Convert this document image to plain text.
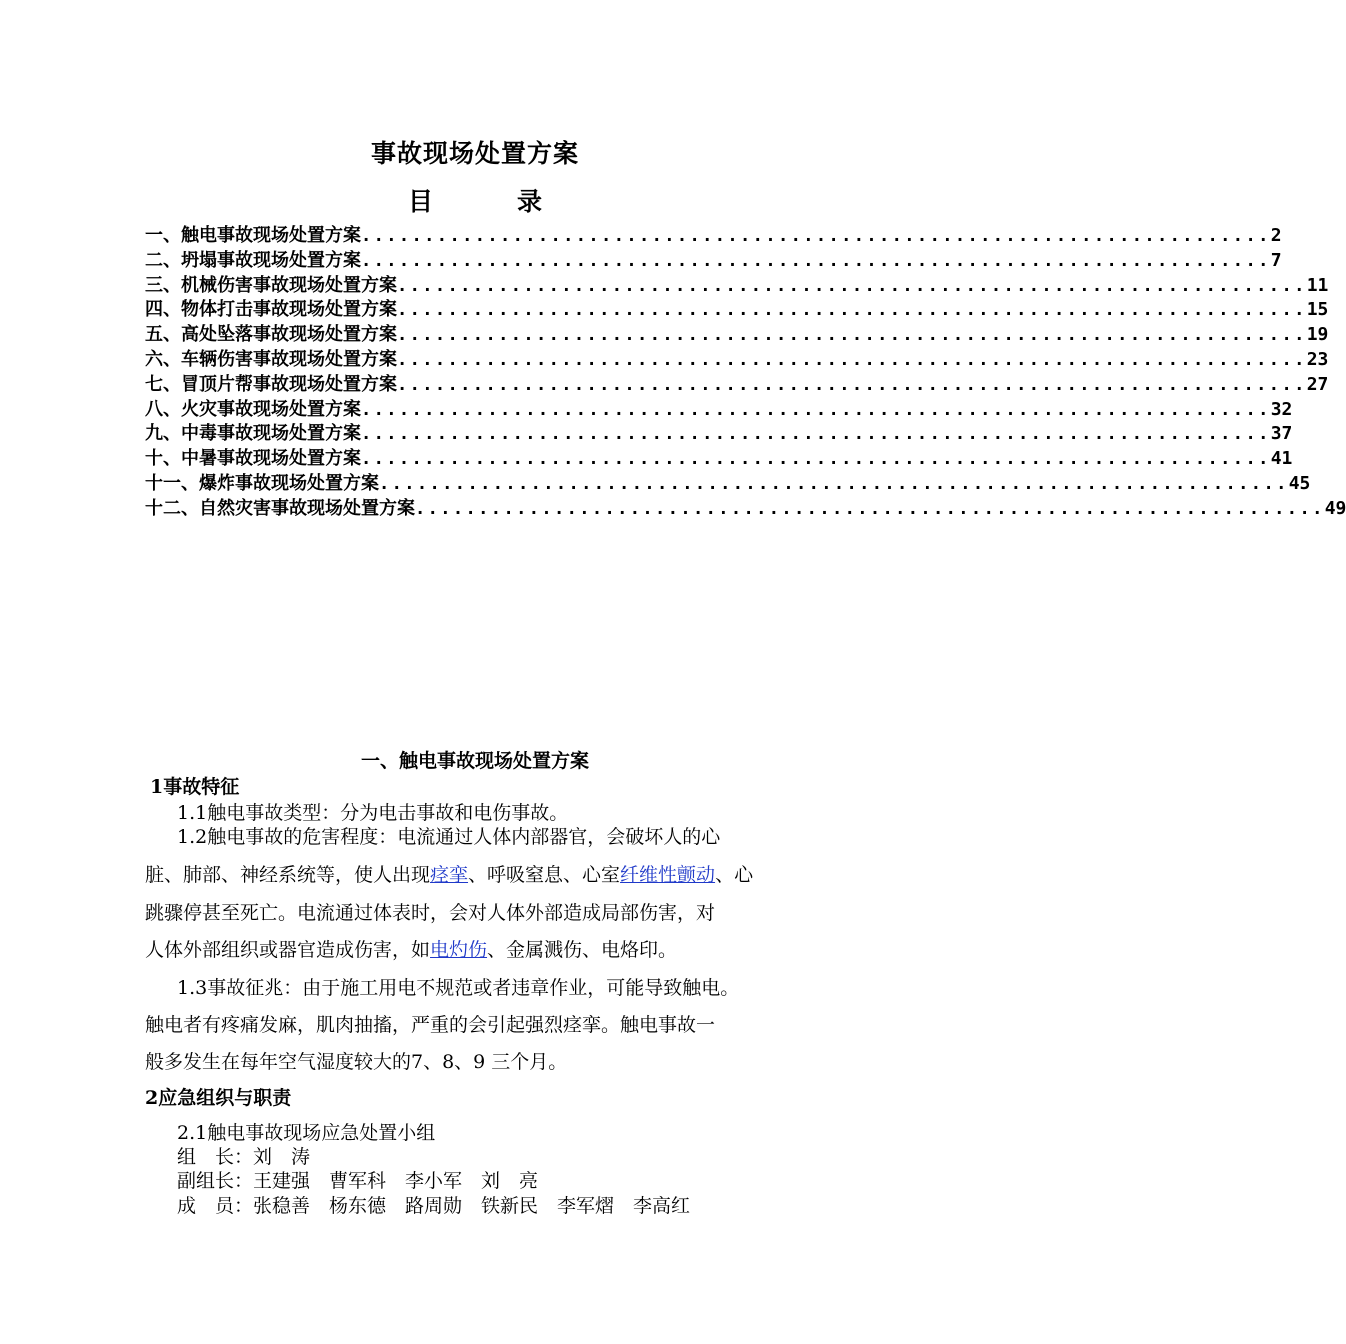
事故现场处置方案
目	录
一、触电事故现场处置方案 ........................................................................ 2
二、坍塌事故现场处置方案 ........................................................................ 7
三、机械伤害事故现场处置方案 ........................................................................ 11
四、物体打击事故现场处置方案 ........................................................................ 15
五、高处坠落事故现场处置方案 ........................................................................ 19
六、车辆伤害事故现场处置方案 ........................................................................ 23
七、冒顶片帮事故现场处置方案 ........................................................................ 27
八、火灾事故现场处置方案 ........................................................................ 32
九、中毒事故现场处置方案 ........................................................................ 37
十、中暑事故现场处置方案 ........................................................................ 41
十一、爆炸事故现场处置方案 ........................................................................ 45
十二、自然灾害事故现场处置方案 ........................................................................ 49
一、触电事故现场处置方案
1事故特征
1.1触电事故类型：分为电击事故和电伤事故。
1.2触电事故的危害程度：电流通过人体内部器官，会破坏人的心
脏、肺部、神经系统等，使人出现痉挛、呼吸窒息、心室纤维性颤动、心
跳骤停甚至死亡。电流通过体表时，会对人体外部造成局部伤害，对
人体外部组织或器官造成伤害，如电灼伤、金属溅伤、电烙印。
1.3事故征兆：由于施工用电不规范或者违章作业，可能导致触电。
触电者有疼痛发麻，肌肉抽搐，严重的会引起强烈痉挛。触电事故一
般多发生在每年空气湿度较大的7、8、9 三个月。
2应急组织与职责
2.1触电事故现场应急处置小组
组　长：刘　涛
副组长：王建强　曹军科　李小军　刘　亮
成　员：张稳善　杨东德　路周勋　铁新民　李军熠　李高红
